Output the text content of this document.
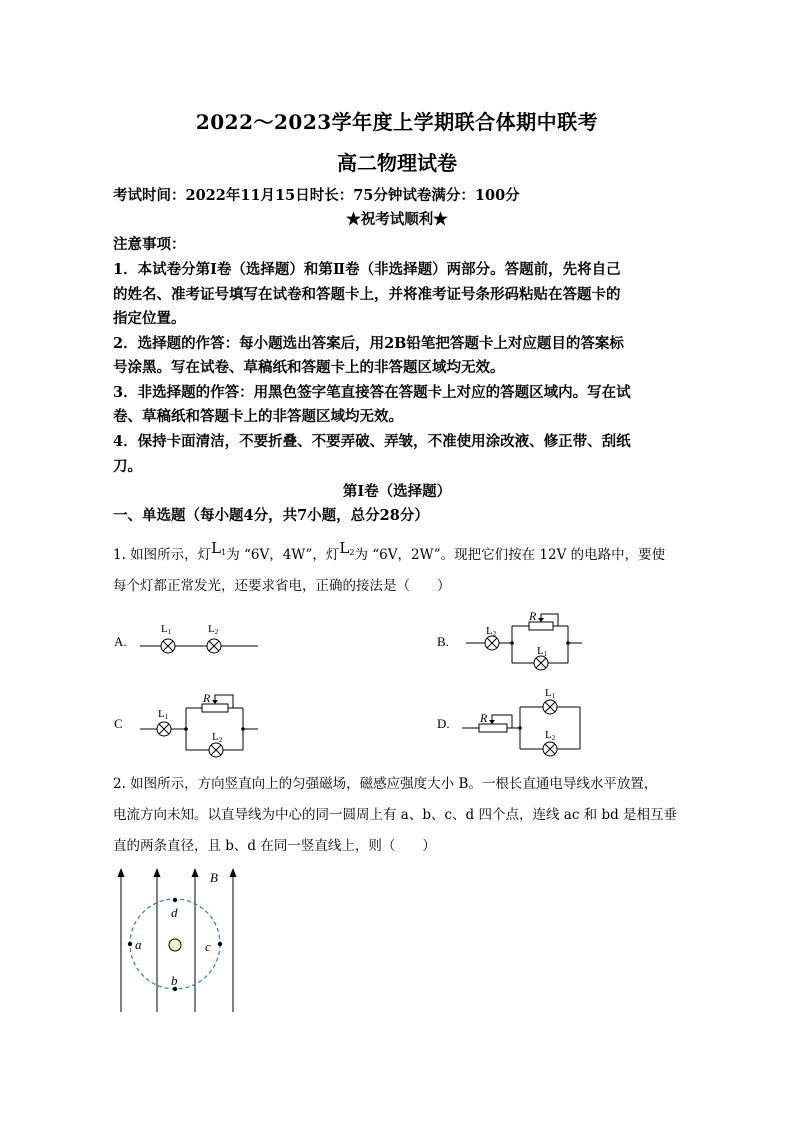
2022～2023学年度上学期联合体期中联考
高二物理试卷
考试时间：2022年11月15日时长：75分钟试卷满分：100分
★祝考试顺利★
注意事项：
1．本试卷分第Ⅰ卷（选择题）和第Ⅱ卷（非选择题）两部分。答题前，先将自己
的姓名、准考证号填写在试卷和答题卡上，并将准考证号条形码粘贴在答题卡的
指定位置。
2．选择题的作答：每小题选出答案后，用2B铅笔把答题卡上对应题目的答案标
号涂黑。写在试卷、草稿纸和答题卡上的非答题区域均无效。
3．非选择题的作答：用黑色签字笔直接答在答题卡上对应的答题区域内。写在试
卷、草稿纸和答题卡上的非答题区域均无效。
4．保持卡面清洁，不要折叠、不要弄破、弄皱，不准使用涂改液、修正带、刮纸
刀。
第Ⅰ卷（选择题）
一、单选题（每小题4分，共7小题，总分28分）
1. 如图所示，灯$L^1$为 “6V，4W”，灯$L^2$为 “6V，2W”。现把它们按在 12V 的电路中，要使
每个灯都正常发光，还要求省电，正确的接法是（　　）
A.	B.
C	D.
L1	L2	L2
R
L1
L1
R
L2
R
L1
L2
B
a	c
d
b
2. 如图所示，方向竖直向上的匀强磁场，磁感应强度大小 B。一根长直通电导线水平放置，
电流方向未知。以直导线为中心的同一圆周上有 a、b、c、d 四个点，连线 ac 和 bd 是相互垂
直的两条直径，且 b、d 在同一竖直线上，则（　　）
